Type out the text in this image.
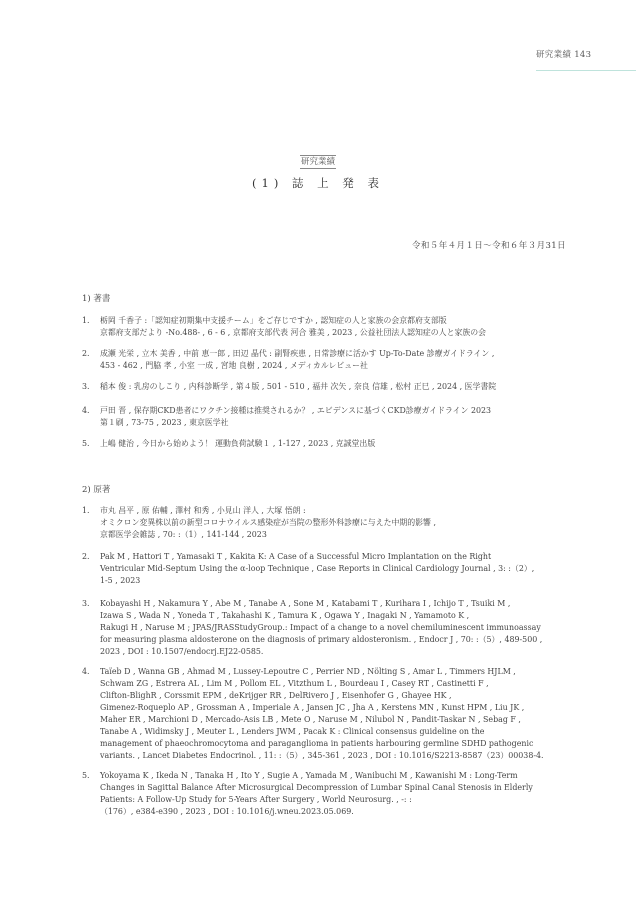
研究業績 143
研究業績
(1) 誌 上 発 表
令和５年４月１日～令和６年３月31日
1) 著書
1. 栃岡 千香子 :「認知症初期集中支援チーム」をご存じですか , 認知症の人と家族の会京都府支部版
京都府支部だより -No.488- , 6 - 6 , 京都府支部代表 河合 雅美 , 2023 , 公益社団法人認知症の人と家族の会
2. 成瀬 光栄 , 立木 美香 , 中前 恵一郎 , 田辺 晶代 : 副腎疾患 , 日常診療に活かす Up-To-Date 診療ガイドライン ,
453 - 462 , 門脇 孝 , 小室 一成 , 宮地 良樹 , 2024 , メディカルレビュー社
3. 稲本 俊 : 乳房のしこり , 内科診断学 , 第４版 , 501 - 510 , 福井 次矢 , 奈良 信雄 , 松村 正巳 , 2024 , 医学書院
4. 戸田 晋 , 保存期CKD患者にワクチン接種は推奨されるか？ , エビデンスに基づくCKD診療ガイドライン 2023
第１刷 , 73-75 , 2023 , 東京医学社
5. 上嶋 健治 , 今日から始めよう！ 運動負荷試験１ , 1-127 , 2023 , 克誠堂出版
2) 原著
1. 市丸 昌平 , 原 佑輔 , 澤村 和秀 , 小見山 洋人 , 大塚 悟朗 :
オミクロン変異株以前の新型コロナウイルス感染症が当院の整形外科診療に与えた中期的影響 ,
京都医学会雑誌 , 70: :（1）, 141-144 , 2023
2. Pak M , Hattori T , Yamasaki T , Kakita K: A Case of a Successful Micro Implantation on the Right
Ventricular Mid-Septum Using the α-loop Technique , Case Reports in Clinical Cardiology Journal , 3: :（2）,
1-5 , 2023
3. Kobayashi H , Nakamura Y , Abe M , Tanabe A , Sone M , Katabami T , Kurihara I , Ichijo T , Tsuiki M ,
Izawa S , Wada N , Yoneda T , Takahashi K , Tamura K , Ogawa Y , Inagaki N , Yamamoto K ,
Rakugi H , Naruse M ; JPAS/JRASStudyGroup.: Impact of a change to a novel chemiluminescent immunoassay
for measuring plasma aldosterone on the diagnosis of primary aldosteronism. , Endocr J , 70: :（5）, 489-500 ,
2023 , DOI : 10.1507/endocrj.EJ22-0585.
4. Taïeb D , Wanna GB , Ahmad M , Lussey-Lepoutre C , Perrier ND , Nölting S , Amar L , Timmers HJLM ,
Schwam ZG , Estrera AL , Lim M , Pollom EL , Vitzthum L , Bourdeau I , Casey RT , Castinetti F ,
Clifton-BlighR , Corssmit EPM , deKrijger RR , DelRivero J , Eisenhofer G , Ghayee HK ,
Gimenez-Roqueplo AP , Grossman A , Imperiale A , Jansen JC , Jha A , Kerstens MN , Kunst HPM , Liu JK ,
Maher ER , Marchioni D , Mercado-Asis LB , Mete O , Naruse M , Nilubol N , Pandit-Taskar N , Sebag F ,
Tanabe A , Widimsky J , Meuter L , Lenders JWM , Pacak K : Clinical consensus guideline on the
management of phaeochromocytoma and paraganglioma in patients harbouring germline SDHD pathogenic
variants. , Lancet Diabetes Endocrinol. , 11: :（5）, 345-361 , 2023 , DOI : 10.1016/S2213-8587（23）00038-4.
5. Yokoyama K , Ikeda N , Tanaka H , Ito Y , Sugie A , Yamada M , Wanibuchi M , Kawanishi M : Long-Term
Changes in Sagittal Balance After Microsurgical Decompression of Lumbar Spinal Canal Stenosis in Elderly
Patients: A Follow-Up Study for 5-Years After Surgery , World Neurosurg. , -: :
（176）, e384-e390 , 2023 , DOI : 10.1016/j.wneu.2023.05.069.
